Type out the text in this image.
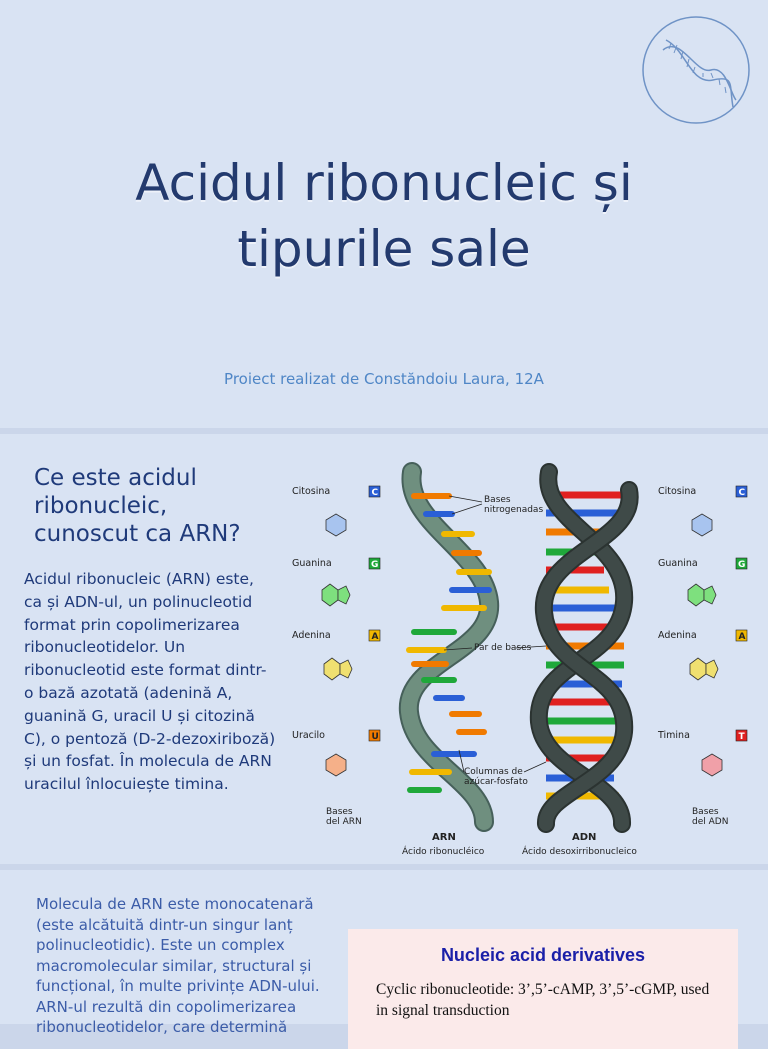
Acidul ribonucleic și
tipurile sale
Proiect realizat de Constăndoiu Laura, 12A
Ce este acidul ribonucleic, cunoscut ca ARN?
Acidul ribonucleic (ARN) este, ca și ADN-ul, un polinucleotid format prin copolimerizarea ribonucleotidelor. Un ribonucleotid este format dintr-o bază azotată (adenină A, guanină G, uracil U și citozină C), o pentoză (D-2-dezoxiriboză) și un fosfat. În molecula de ARN uracilul înlocuiește timina.
Citosina	C
Guanina	G
Adenina	A
Uracilo	U
Bases del ARN
Citosina	C
Guanina	G
Adenina	A
Timina	T
Bases del ADN
Bases nitrogenadas
Par de bases
Columnas de azúcar-fosfato
ARN
Ácido ribonucléico
ADN
Ácido desoxirribonucleico
Molecula de ARN este monocatenară (este alcătuită dintr-un singur lanț polinucleotidic). Este un complex macromolecular similar, structural și funcțional, în multe privințe ADN-ului. ARN-ul rezultă din copolimerizarea ribonucleotidelor, care determină
Nucleic acid derivatives
Cyclic ribonucleotide: 3’,5’-cAMP, 3’,5’-cGMP, used in signal transduction
